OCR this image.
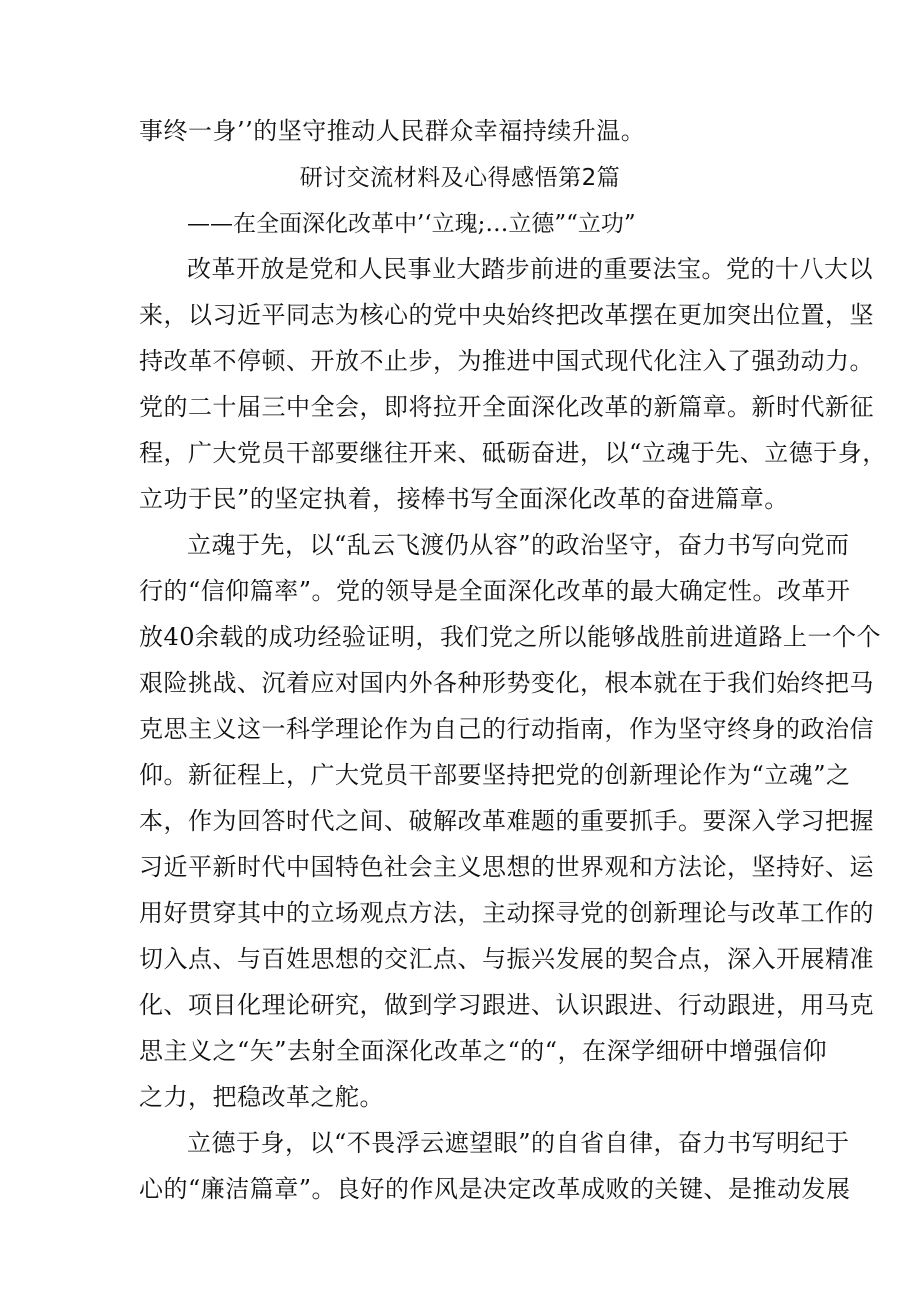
事终一身’’的坚守推动人民群众幸福持续升温。
研讨交流材料及心得感悟第2篇
——在全面深化改革中’‘立瑰;…立德”“立功”
改革开放是党和人民事业大踏步前进的重要法宝。党的十八大以
来，以习近平同志为核心的党中央始终把改革摆在更加突出位置，坚
持改革不停顿、开放不止步，为推进中国式现代化注入了强劲动力。
党的二十届三中全会，即将拉开全面深化改革的新篇章。新时代新征
程，广大党员干部要继往开来、砥砺奋进，以“立魂于先、立德于身，
立功于民”的坚定执着，接棒书写全面深化改革的奋进篇章。
立魂于先，以“乱云飞渡仍从容”的政治坚守，奋力书写向党而
行的“信仰篇率”。党的领导是全面深化改革的最大确定性。改革开
放40余载的成功经验证明，我们党之所以能够战胜前进道路上一个个
艰险挑战、沉着应对国内外各种形势变化，根本就在于我们始终把马
克思主义这一科学理论作为自己的行动指南，作为坚守终身的政治信
仰。新征程上，广大党员干部要坚持把党的创新理论作为“立魂”之
本，作为回答时代之间、破解改革难题的重要抓手。要深入学习把握
习近平新时代中国特色社会主义思想的世界观和方法论，坚持好、运
用好贯穿其中的立场观点方法，主动探寻党的创新理论与改革工作的
切入点、与百姓思想的交汇点、与振兴发展的契合点，深入开展精准
化、项目化理论研究，做到学习跟进、认识跟进、行动跟进，用马克
思主义之“矢”去射全面深化改革之“的“，在深学细研中增强信仰
之力，把稳改革之舵。
立德于身，以“不畏浮云遮望眼”的自省自律，奋力书写明纪于
心的“廉洁篇章”。良好的作风是决定改革成败的关键、是推动发展
